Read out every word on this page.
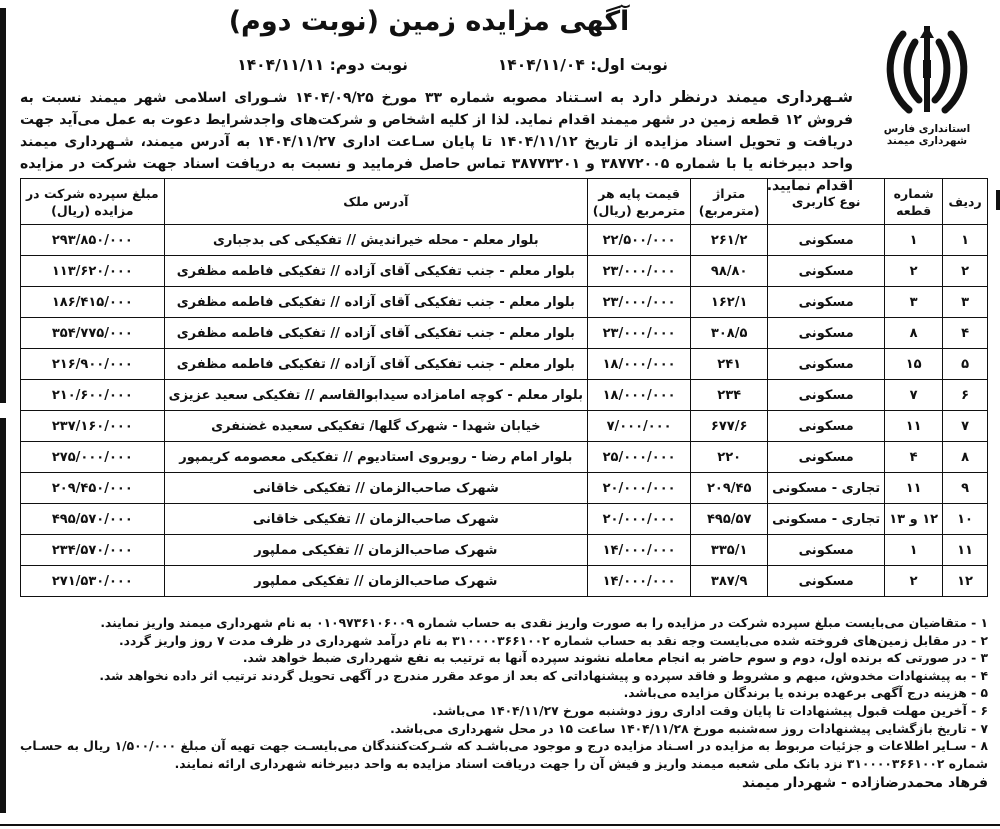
استانداری فارس
شهرداری میمند
آگهی مزایده زمین (نوبت دوم)
نوبت اول: ۱۴۰۴/۱۱/۰۴
نوبت دوم: ۱۴۰۴/۱۱/۱۱
شـهرداری میمند درنظر دارد به اسـتناد مصوبه شماره ۳۳ مورخ ۱۴۰۴/۰۹/۲۵ شـورای اسلامی شهر میمند نسبت به فروش ۱۲ قطعه زمین در شهر میمند اقدام نماید. لذا از کلیه اشخاص و شرکت‌های واجدشرایط دعوت به عمل می‌آید جهت دریافت و تحویل اسناد مزایده از تاریخ ۱۴۰۴/۱۱/۱۲ تا پایان سـاعت اداری ۱۴۰۴/۱۱/۲۷ به آدرس میمند، شـهرداری میمند واحد دبیرخانه یا با شماره ۳۸۷۷۲۰۰۵ و ۳۸۷۷۳۲۰۱ تماس حاصل فرمایید و نسبت به دریافت اسناد جهت شرکت در مزایده اقدام نمایید.
ردیف	شماره قطعه	نوع کاربری	متراژ (مترمربع)	قیمت پایه هر مترمربع (ریال)	آدرس ملک	مبلغ سپرده شرکت در مزایده (ریال)
۱	۱	مسکونی	۲۶۱/۲	۲۲/۵۰۰/۰۰۰	بلوار معلم - محله خیراندیش // تفکیکی کی بدجباری	۲۹۳/۸۵۰/۰۰۰
۲	۲	مسکونی	۹۸/۸۰	۲۳/۰۰۰/۰۰۰	بلوار معلم - جنب تفکیکی آقای آزاده // تفکیکی فاطمه مظفری	۱۱۳/۶۲۰/۰۰۰
۳	۳	مسکونی	۱۶۲/۱	۲۳/۰۰۰/۰۰۰	بلوار معلم - جنب تفکیکی آقای آزاده // تفکیکی فاطمه مظفری	۱۸۶/۴۱۵/۰۰۰
۴	۸	مسکونی	۳۰۸/۵	۲۳/۰۰۰/۰۰۰	بلوار معلم - جنب تفکیکی آقای آزاده // تفکیکی فاطمه مظفری	۳۵۴/۷۷۵/۰۰۰
۵	۱۵	مسکونی	۲۴۱	۱۸/۰۰۰/۰۰۰	بلوار معلم - جنب تفکیکی آقای آزاده // تفکیکی فاطمه مظفری	۲۱۶/۹۰۰/۰۰۰
۶	۷	مسکونی	۲۳۴	۱۸/۰۰۰/۰۰۰	بلوار معلم - کوچه امامزاده سیدابوالقاسم // تفکیکی سعید عزیزی	۲۱۰/۶۰۰/۰۰۰
۷	۱۱	مسکونی	۶۷۷/۶	۷/۰۰۰/۰۰۰	خیابان شهدا - شهرک گلها/ تفکیکی سعیده غضنفری	۲۳۷/۱۶۰/۰۰۰
۸	۴	مسکونی	۲۲۰	۲۵/۰۰۰/۰۰۰	بلوار امام رضا - روبروی استادیوم // تفکیکی معصومه کریمپور	۲۷۵/۰۰۰/۰۰۰
۹	۱۱	تجاری - مسکونی	۲۰۹/۴۵	۲۰/۰۰۰/۰۰۰	شهرک صاحب‌الزمان // تفکیکی خاقانی	۲۰۹/۴۵۰/۰۰۰
۱۰	۱۲ و ۱۳	تجاری - مسکونی	۴۹۵/۵۷	۲۰/۰۰۰/۰۰۰	شهرک صاحب‌الزمان // تفکیکی خاقانی	۴۹۵/۵۷۰/۰۰۰
۱۱	۱	مسکونی	۳۳۵/۱	۱۴/۰۰۰/۰۰۰	شهرک صاحب‌الزمان // تفکیکی مملپور	۲۳۴/۵۷۰/۰۰۰
۱۲	۲	مسکونی	۳۸۷/۹	۱۴/۰۰۰/۰۰۰	شهرک صاحب‌الزمان // تفکیکی مملپور	۲۷۱/۵۳۰/۰۰۰
۱ - متقاضیان می‌بایست مبلغ سپرده شرکت در مزایده را به صورت واریز نقدی به حساب شماره ۰۱۰۹۷۳۶۱۰۶۰۰۹ به نام شهرداری میمند واریز نمایند.
۲ - در مقابل زمین‌های فروخته شده می‌بایست وجه نقد به حساب شماره ۳۱۰۰۰۰۳۶۶۱۰۰۲ به نام درآمد شهرداری در ظرف مدت ۷ روز واریز گردد.
۳ - در صورتی که برنده اول، دوم و سوم حاضر به انجام معامله نشوند سپرده آنها به ترتیب به نفع شهرداری ضبط خواهد شد.
۴ - به پیشنهادات مخدوش، مبهم و مشروط و فاقد سپرده و پیشنهاداتی که بعد از موعد مقرر مندرج در آگهی تحویل گردند ترتیب اثر داده نخواهد شد.
۵ - هزینه درج آگهی برعهده برنده یا برندگان مزایده می‌باشد.
۶ - آخرین مهلت قبول پیشنهادات تا پایان وقت اداری روز دوشنبه مورخ ۱۴۰۴/۱۱/۲۷ می‌باشد.
۷ - تاریخ بازگشایی پیشنهادات روز سه‌شنبه مورخ ۱۴۰۴/۱۱/۲۸ ساعت ۱۵ در محل شهرداری می‌باشد.
۸ - سـایر اطلاعات و جزئیات مربوط به مزایده در اسـناد مزایده درج و موجود می‌باشـد که شـرکت‌کنندگان می‌بایسـت جهت تهیه آن مبلغ ۱/۵۰۰/۰۰۰ ریال به حسـاب شماره ۳۱۰۰۰۰۳۶۶۱۰۰۲ نزد بانک ملی شعبه میمند واریز و فیش آن را جهت دریافت اسناد مزایده به واحد دبیرخانه شهرداری ارائه نمایند.
فرهاد محمدرضازاده - شهردار میمند
